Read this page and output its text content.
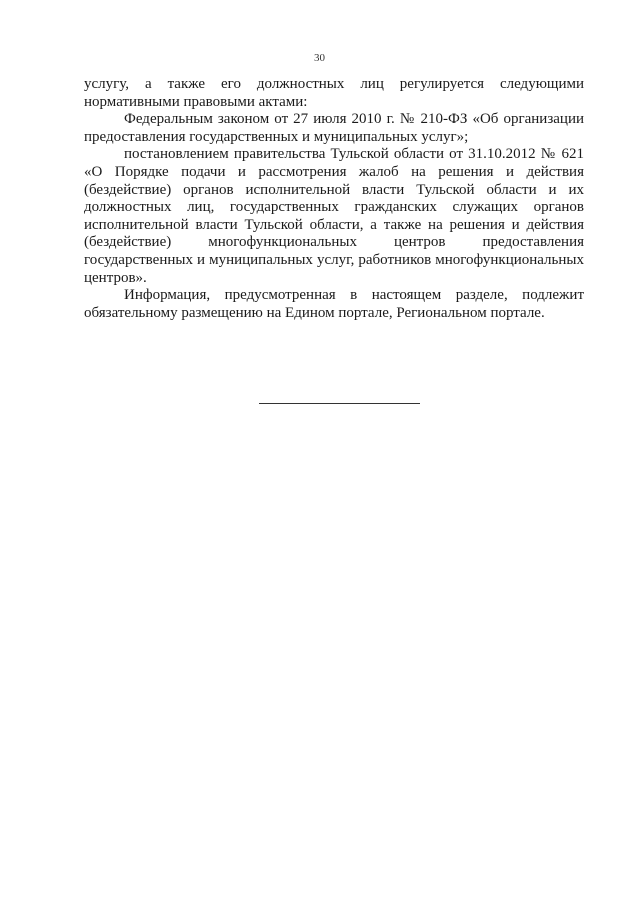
30

услугу, а также его должностных лиц регулируется следующими нормативными правовыми актами:

Федеральным законом от 27 июля 2010 г. № 210-ФЗ «Об организации предоставления государственных и муниципальных услуг»;

постановлением правительства Тульской области от 31.10.2012 № 621 «О Порядке подачи и рассмотрения жалоб на решения и действия (бездействие) органов исполнительной власти Тульской области и их должностных лиц, государственных гражданских служащих органов исполнительной власти Тульской области, а также на решения и действия (бездействие) многофункциональных центров предоставления государственных и муниципальных услуг, работников многофункциональных центров».

Информация, предусмотренная в настоящем разделе, подлежит обязательному размещению на Едином портале, Региональном портале.
